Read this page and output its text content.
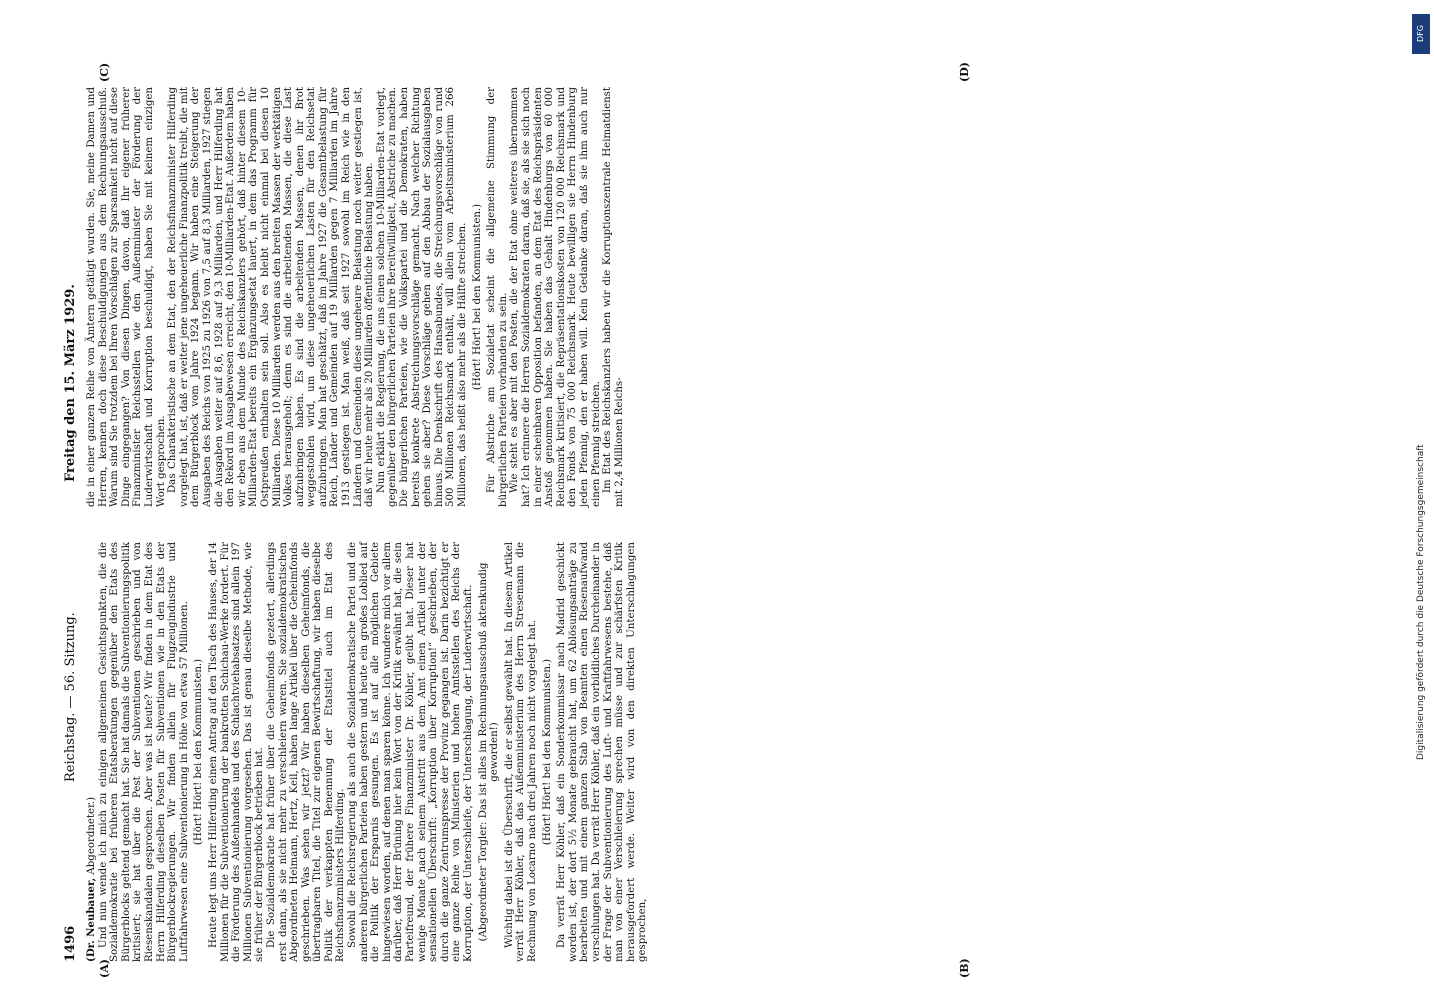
1496
Reichstag. — 56. Sitzung.
Freitag den 15. März 1929.
(A)	(B)
(C)	(D)

(Dr. Neubauer, Abgeordneter.) Und nun wende ich mich zu einigen allgemeinen Gesichtspunkten, die die Sozialdemokratie bei früheren Etatsberatungen gegenüber den Etats des Bürgerblocks geltend gemacht hat. Sie hat damals die Subventionierungspolitik kritisiert; sie hat über die Pest der Subventionen geschrieben und von Riesenskandalen gesprochen. Aber was ist heute? Wir finden in dem Etat des Herrn Hilferding dieselben Posten für Subventionen wie in den Etats der Bürgerblockregierungen. Wir finden allein für Flugzeugindustrie und Luftfahrwesen eine Subventionierung in Höhe von etwa 57 Millionen. (Hört! Hört! bei den Kommunisten.) Heute legt uns Herr Hilferding einen Antrag auf den Tisch des Hauses, der 14 Millionen für die Subventionierung der bankrotten Schichau-Werke fordert. Für die Förderung des Außenhandels und des Schlachtviehabsatzes sind allein 197 Millionen Subventionierung vorgesehen. Das ist genau dieselbe Methode, wie sie früher der Bürgerblock betrieben hat. Die Sozialdemokratie hat früher über die Geheimfonds gezetert, allerdings erst dann, als sie nicht mehr zu verschleiern waren. Sie sozialdemokratischen Abgeordneten Heimann, Hertz, Keil, haben lange Artikel über die Geheimfonds geschrieben. Was sehen wir jetzt? Wir haben dieselben Geheimfonds, die übertragbaren Titel, die Titel zur eigenen Bewirtschaftung, wir haben dieselbe Politik der verkappten Benennung der Etatstitel auch im Etat des Reichsfinanzministers Hilferding. Sowohl die Reichsregierung als auch die Sozialdemokratische Partei und die anderen bürgerlichen Parteien haben gestern und heute ein großes Loblied auf die Politik der Ersparnis gesungen. Es ist auf alle möglichen Gebiete hingewiesen worden, auf denen man sparen könne. Ich wundere mich vor allem darüber, daß Herr Brüning hier kein Wort von der Kritik erwähnt hat, die sein Parteifreund, der frühere Finanzminister Dr. Köhler, geübt hat. Dieser hat wenige Monate nach seinem Austritt aus dem Amt einen Artikel unter der sensationellen Überschrift: „Korruption über Korruption!“ geschrieben, der durch die ganze Zentrumspresse der Provinz gegangen ist. Darin bezichtigt er eine ganze Reihe von Ministerien und hohen Amtsstellen des Reichs der Korruption, der Unterschleife, der Unterschlagung, der Luderwirtschaft. (Abgeordneter Torgler: Das ist alles im Rechnungsausschuß aktenkundig geworden!) Wichtig dabei ist die Überschrift, die er selbst gewählt hat. In diesem Artikel verrät Herr Köhler, daß das Außenministerium des Herrn Stresemann die Rechnung von Locarno nach drei Jahren noch nicht vorgelegt hat. (Hört! Hört! bei den Kommunisten.) Da verrät Herr Köhler, daß ein Sonderkommissar nach Madrid geschickt worden ist, der dort 5½ Monate gebraucht hat, um 62 Ablösungsanträge zu bearbeiten und mit einem ganzen Stab von Beamten einen Riesenaufwand verschlungen hat. Da verrät Herr Köhler, daß ein vorbildliches Durcheinander in der Frage der Subventionierung des Luft- und Kraftfahrwesens bestehe, daß man von einer Verschleierung sprechen müsse und zur schärfsten Kritik herausgefordert werde. Weiter wird von den direkten Unterschlagungen gesprochen,

die in einer ganzen Reihe von Ämtern getätigt wurden. Sie, meine Damen und Herren, kennen doch diese Beschuldigungen aus dem Rechnungsausschuß. Warum sind Sie trotzdem bei Ihren Vorschlägen zur Sparsamkeit nicht auf diese Dinge eingegangen? Von diesen Dingen, davon, daß Ihr eigener früherer Finanzminister Reichsstellen wie den Außenminister der Förderung der Luderwirtschaft und Korruption beschuldigt, haben Sie mit keinem einzigen Wort gesprochen. Das Charakteristische an dem Etat, den der Reichsfinanzminister Hilferding vorgelegt hat, ist, daß er weiter jene ungeheuerliche Finanzpolitik treibt, die mit dem Bürgerblock vom Jahre 1924 begann. Wir haben eine Steigerung der Ausgaben des Reichs von 1925 zu 1926 von 7,5 auf 8,3 Milliarden, 1927 stiegen die Ausgaben weiter auf 8,6, 1928 auf 9,3 Milliarden, und Herr Hilferding hat den Rekord im Ausgabewesen erreicht, den 10-Milliarden-Etat. Außerdem haben wir eben aus dem Munde des Reichskanzlers gehört, daß hinter diesem 10-Milliarden-Etat bereits ein Ergänzungsetat lauert, in dem das Programm für Ostpreußen enthalten sein soll. Also es bleibt nicht einmal bei diesen 10 Milliarden. Diese 10 Milliarden werden aus den breiten Massen der werktätigen Volkes herausgeholt; denn es sind die arbeitenden Massen, die diese Last aufzubringen haben. Es sind die arbeitenden Massen, denen ihr Brot weggestohlen wird, um diese ungeheuerlichen Lasten für den Reichsetat aufzubringen. Man hat geschätzt, daß im Jahre 1927 die Gesamtbelastung für Reich, Länder und Gemeinden auf 19 Milliarden gegen 7 Milliarden im Jahre 1913 gestiegen ist. Man weiß, daß seit 1927 sowohl im Reich wie in den Ländern und Gemeinden diese ungeheure Belastung noch weiter gestiegen ist, daß wir heute mehr als 20 Milliarden öffentliche Belastung haben. Nun erklärt die Regierung, die uns einen solchen 10-Milliarden-Etat vorlegt, gegenüber den bürgerlichen Parteien ihre Bereitwilligkeit, Abstriche zu machen. Die bürgerlichen Parteien, wie die Volkspartei und die Demokraten, haben bereits konkrete Abstreichungsvorschläge gemacht. Nach welcher Richtung gehen sie aber? Diese Vorschläge gehen auf den Abbau der Sozialausgaben hinaus. Die Denkschrift des Hansabundes, die Streichungsvorschläge von rund 500 Millionen Reichsmark enthält, will allein vom Arbeitsministerium 266 Millionen, das heißt also mehr als die Hälfte streichen. (Hört! Hört! bei den Kommunisten.) Für Abstriche am Sozialetat scheint die allgemeine Stimmung der bürgerlichen Parteien vorhanden zu sein. Wie steht es aber mit den Posten, die der Etat ohne weiteres übernommen hat? Ich erinnere die Herren Sozialdemokraten daran, daß sie, als sie sich noch in einer scheinbaren Opposition befanden, an dem Etat des Reichspräsidenten Anstoß genommen haben. Sie haben das Gehalt Hindenburgs von 60 000 Reichsmark kritisiert, die Repräsentationskosten von 120 000 Reichsmark und den Fonds von 75 000 Reichsmark. Heute bewilligen sie Herrn Hindenburg jeden Pfennig, den er haben will. Kein Gedanke daran, daß sie ihm auch nur einen Pfennig streichen. Im Etat des Reichskanzlers haben wir die Korruptionszentrale Heimatdienst mit 2,4 Millionen Reichs-

DFG
Digitalisierung gefördert durch die Deutsche Forschungsgemeinschaft
